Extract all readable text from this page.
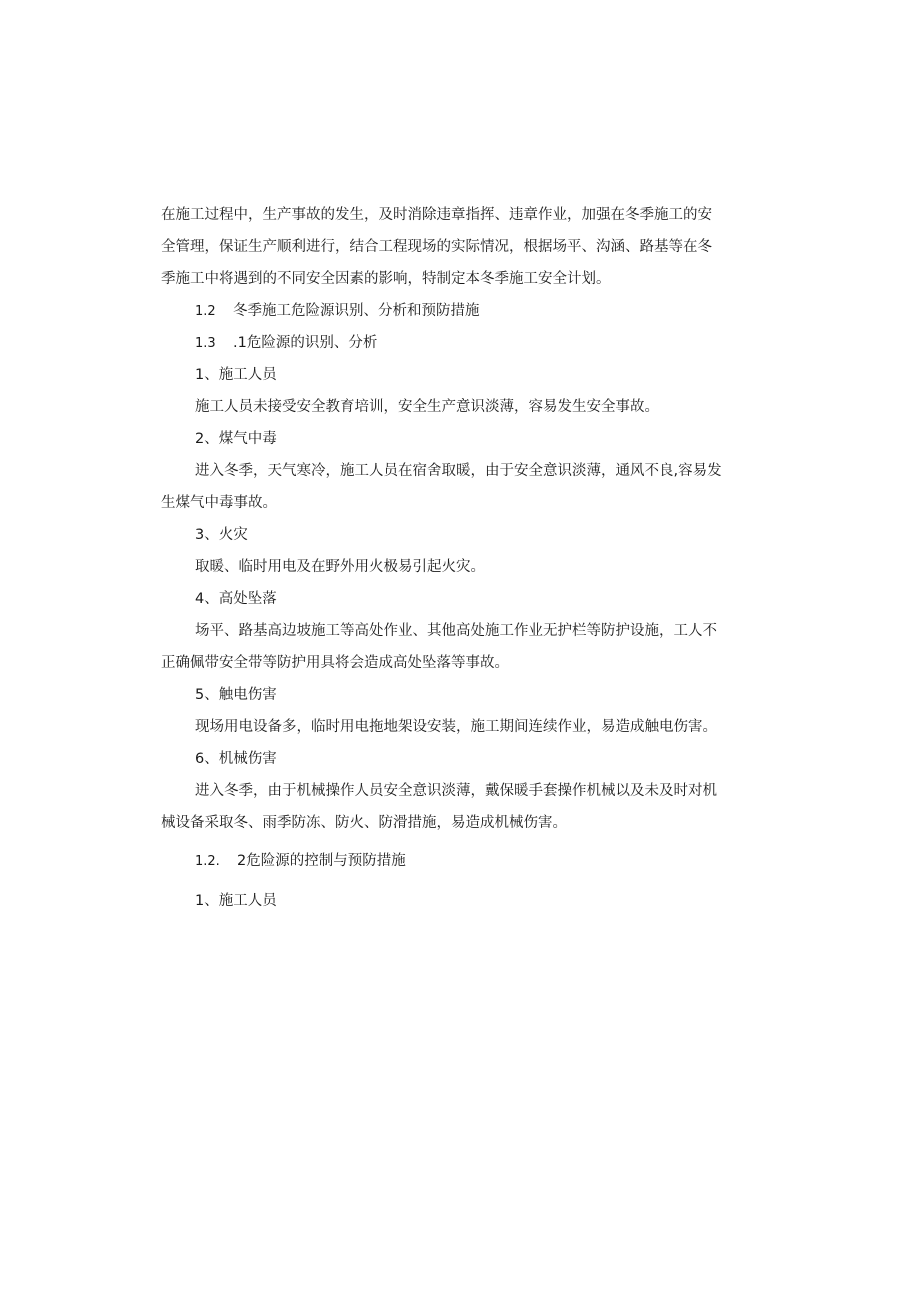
在施工过程中，生产事故的发生，及时消除违章指挥、违章作业，加强在冬季施工的安
全管理，保证生产顺利进行，结合工程现场的实际情况，根据场平、沟涵、路基等在冬
季施工中将遇到的不同安全因素的影响，特制定本冬季施工安全计划。
1.2 冬季施工危险源识别、分析和预防措施
1.3 .1危险源的识别、分析
1、施工人员
施工人员未接受安全教育培训，安全生产意识淡薄，容易发生安全事故。
2、煤气中毒
进入冬季，天气寒冷，施工人员在宿舍取暖，由于安全意识淡薄，通风不良,容易发
生煤气中毒事故。
3、火灾
取暖、临时用电及在野外用火极易引起火灾。
4、高处坠落
场平、路基高边坡施工等高处作业、其他高处施工作业无护栏等防护设施，工人不
正确佩带安全带等防护用具将会造成高处坠落等事故。
5、触电伤害
现场用电设备多，临时用电拖地架设安装，施工期间连续作业，易造成触电伤害。
6、机械伤害
进入冬季，由于机械操作人员安全意识淡薄，戴保暖手套操作机械以及未及时对机
械设备采取冬、雨季防冻、防火、防滑措施，易造成机械伤害。
1.2. 2危险源的控制与预防措施
1、施工人员
